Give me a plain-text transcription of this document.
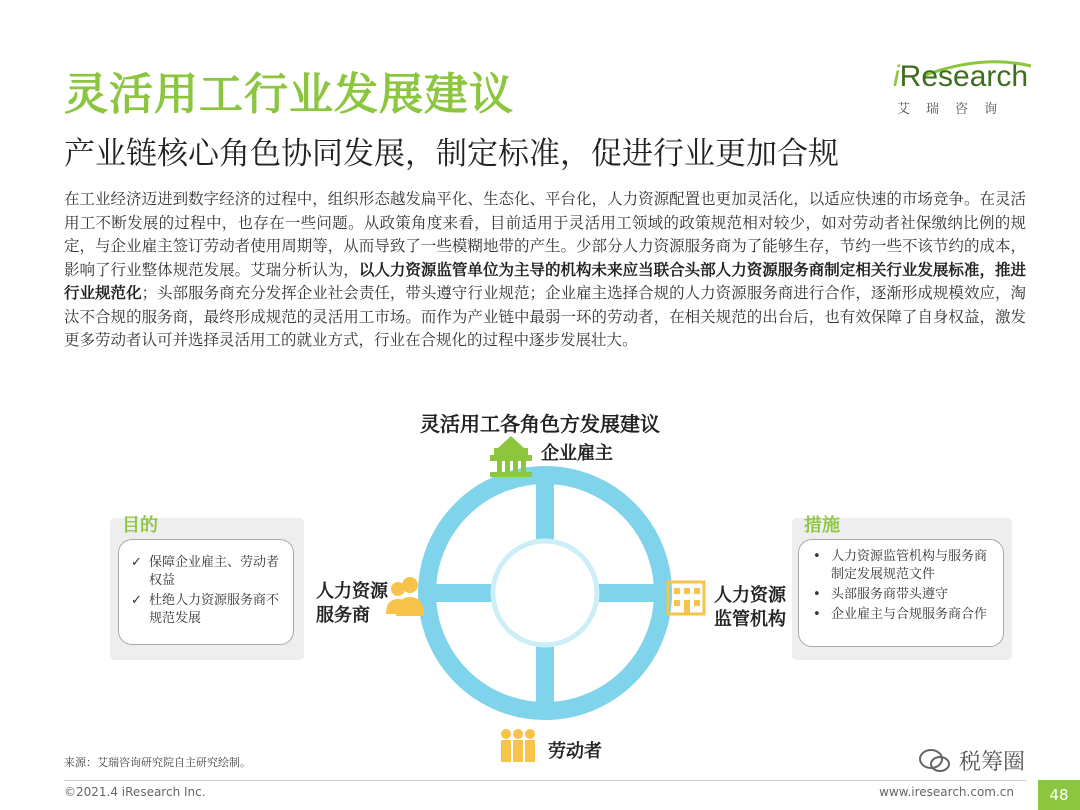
灵活用工行业发展建议
产业链核心角色协同发展，制定标准，促进行业更加合规
iResearch
艾瑞咨询
在工业经济迈进到数字经济的过程中，组织形态越发扁平化、生态化、平台化，人力资源配置也更加灵活化，以适应快速的市场竞争。在灵活用工不断发展的过程中，也存在一些问题。从政策角度来看，目前适用于灵活用工领域的政策规范相对较少，如对劳动者社保缴纳比例的规定，与企业雇主签订劳动者使用周期等，从而导致了一些模糊地带的产生。少部分人力资源服务商为了能够生存，节约一些不该节约的成本，影响了行业整体规范发展。艾瑞分析认为，以人力资源监管单位为主导的机构未来应当联合头部人力资源服务商制定相关行业发展标准，推进行业规范化；头部服务商充分发挥企业社会责任，带头遵守行业规范；企业雇主选择合规的人力资源服务商进行合作，逐渐形成规模效应，淘汰不合规的服务商，最终形成规范的灵活用工市场。而作为产业链中最弱一环的劳动者，在相关规范的出台后，也有效保障了自身权益，激发更多劳动者认可并选择灵活用工的就业方式，行业在合规化的过程中逐步发展壮大。
灵活用工各角色方发展建议
企业雇主
人力资源
服务商
人力资源
监管机构
劳动者
目的
✓ 保障企业雇主、劳动者权益
✓ 杜绝人力资源服务商不规范发展
措施
• 人力资源监管机构与服务商制定发展规范文件
• 头部服务商带头遵守
• 企业雇主与合规服务商合作
来源：艾瑞咨询研究院自主研究绘制。
©2021.4 iResearch Inc.	www.iresearch.com.cn	48
税筹圈
